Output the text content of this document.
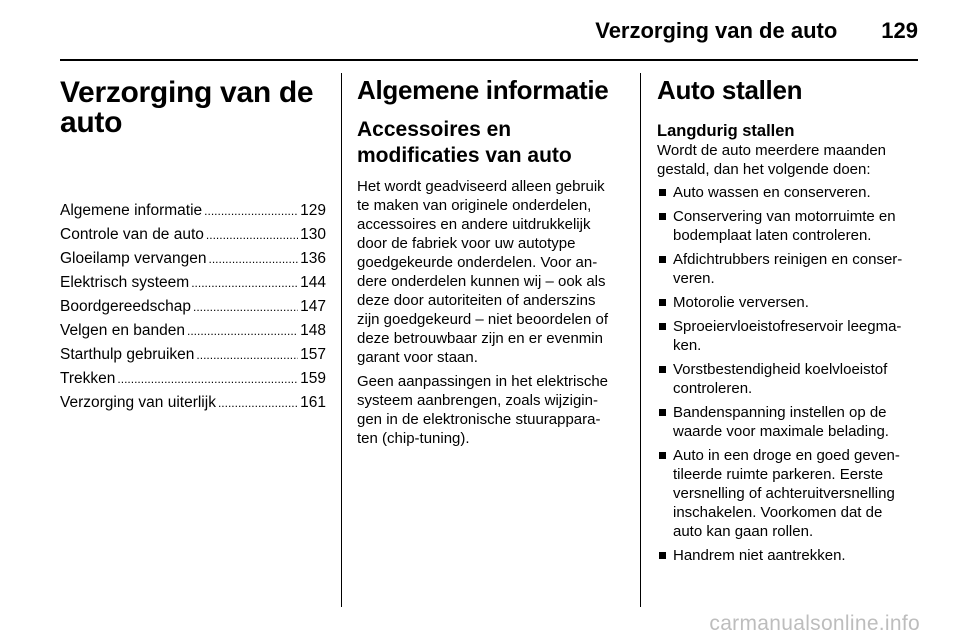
Verzorging van de auto 129
Verzorging van de
auto
Algemene informatie .....	129
Controle van de auto .....	130
Gloeilamp vervangen .....	136
Elektrisch systeem .....	144
Boordgereedschap .....	147
Velgen en banden .....	148
Starthulp gebruiken .....	157
Trekken .....	159
Verzorging van uiterlijk .....	161
Algemene informatie
Accessoires en
modificaties van auto

Het wordt geadviseerd alleen gebruik
te maken van originele onderdelen,
accessoires en andere uitdrukkelijk
door de fabriek voor uw autotype
goedgekeurde onderdelen. Voor an-
dere onderdelen kunnen wij – ook als
deze door autoriteiten of anderszins
zijn goedgekeurd – niet beoordelen of
deze betrouwbaar zijn en er evenmin
garant voor staan.

Geen aanpassingen in het elektrische
systeem aanbrengen, zoals wijzigin-
gen in de elektronische stuurappara-
ten (chip-tuning).

Auto stallen
Langdurig stallen

Wordt de auto meerdere maanden
gestald, dan het volgende doen:

Auto wassen en conserveren.
Conservering van motorruimte en
bodemplaat laten controleren.
Afdichtrubbers reinigen en conser-
veren.
Motorolie verversen.
Sproeiervloeistofreservoir leegma-
ken.
Vorstbestendigheid koelvloeistof
controleren.
Bandenspanning instellen op de
waarde voor maximale belading.
Auto in een droge en goed geven-
tileerde ruimte parkeren. Eerste
versnelling of achteruitversnelling
inschakelen. Voorkomen dat de
auto kan gaan rollen.
Handrem niet aantrekken.
carmanualsonline.info
